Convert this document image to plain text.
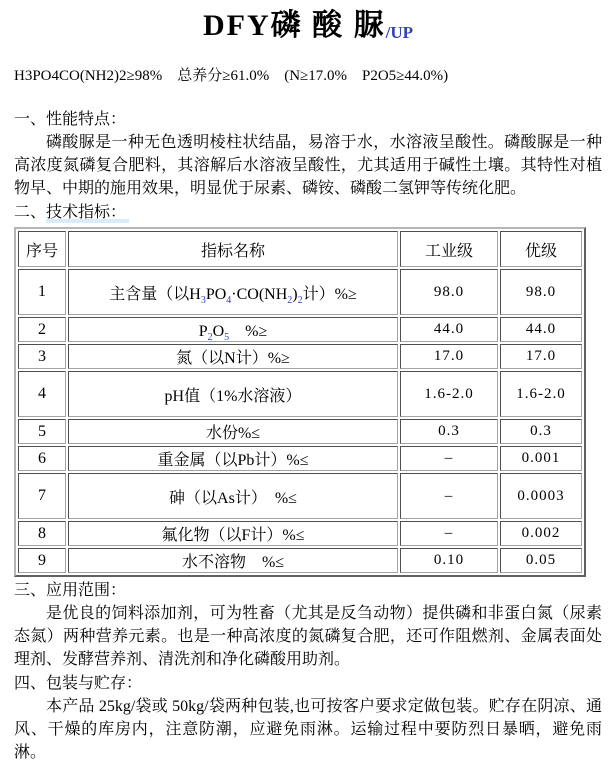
DFY磷 酸 脲/UP
H3PO4CO(NH2)2≥98%　总养分≥61.0%　(N≥17.0%　P2O5≥44.0%)
一、性能特点：

磷酸脲是一种无色透明棱柱状结晶，易溶于水，水溶液呈酸性。磷酸脲是一种高浓度氮磷复合肥料，其溶解后水溶液呈酸性，尤其适用于碱性土壤。其特性对植物早、中期的施用效果，明显优于尿素、磷铵、磷酸二氢钾等传统化肥。

二、技术指标：
序号	指标名称	工业级	优级
1	主含量（以$H_3PO_4\cdot CO(NH_2)_2$计）%≥	98.0	98.0
2	$P_2O_5$　%≥	44.0	44.0
3	氮（以N计）%≥	17.0	17.0
4	pH值（1%水溶液）	1.6-2.0	1.6-2.0
5	水份%≤	0.3	0.3
6	重金属（以Pb计）%≤	–	0.001
7	砷（以As计）　%≤	–	0.0003
8	氟化物（以F计）%≤	–	0.002
9	水不溶物　%≤	0.10	0.05
三、应用范围：

是优良的饲料添加剂，可为牲畜（尤其是反刍动物）提供磷和非蛋白氮（尿素态氮）两种营养元素。也是一种高浓度的氮磷复合肥，还可作阻燃剂、金属表面处理剂、发酵营养剂、清洗剂和净化磷酸用助剂。

四、包装与贮存：

本产品 25kg/袋或 50kg/袋两种包装,也可按客户要求定做包装。贮存在阴凉、通风、干燥的库房内，注意防潮，应避免雨淋。运输过程中要防烈日暴晒，避免雨淋。
